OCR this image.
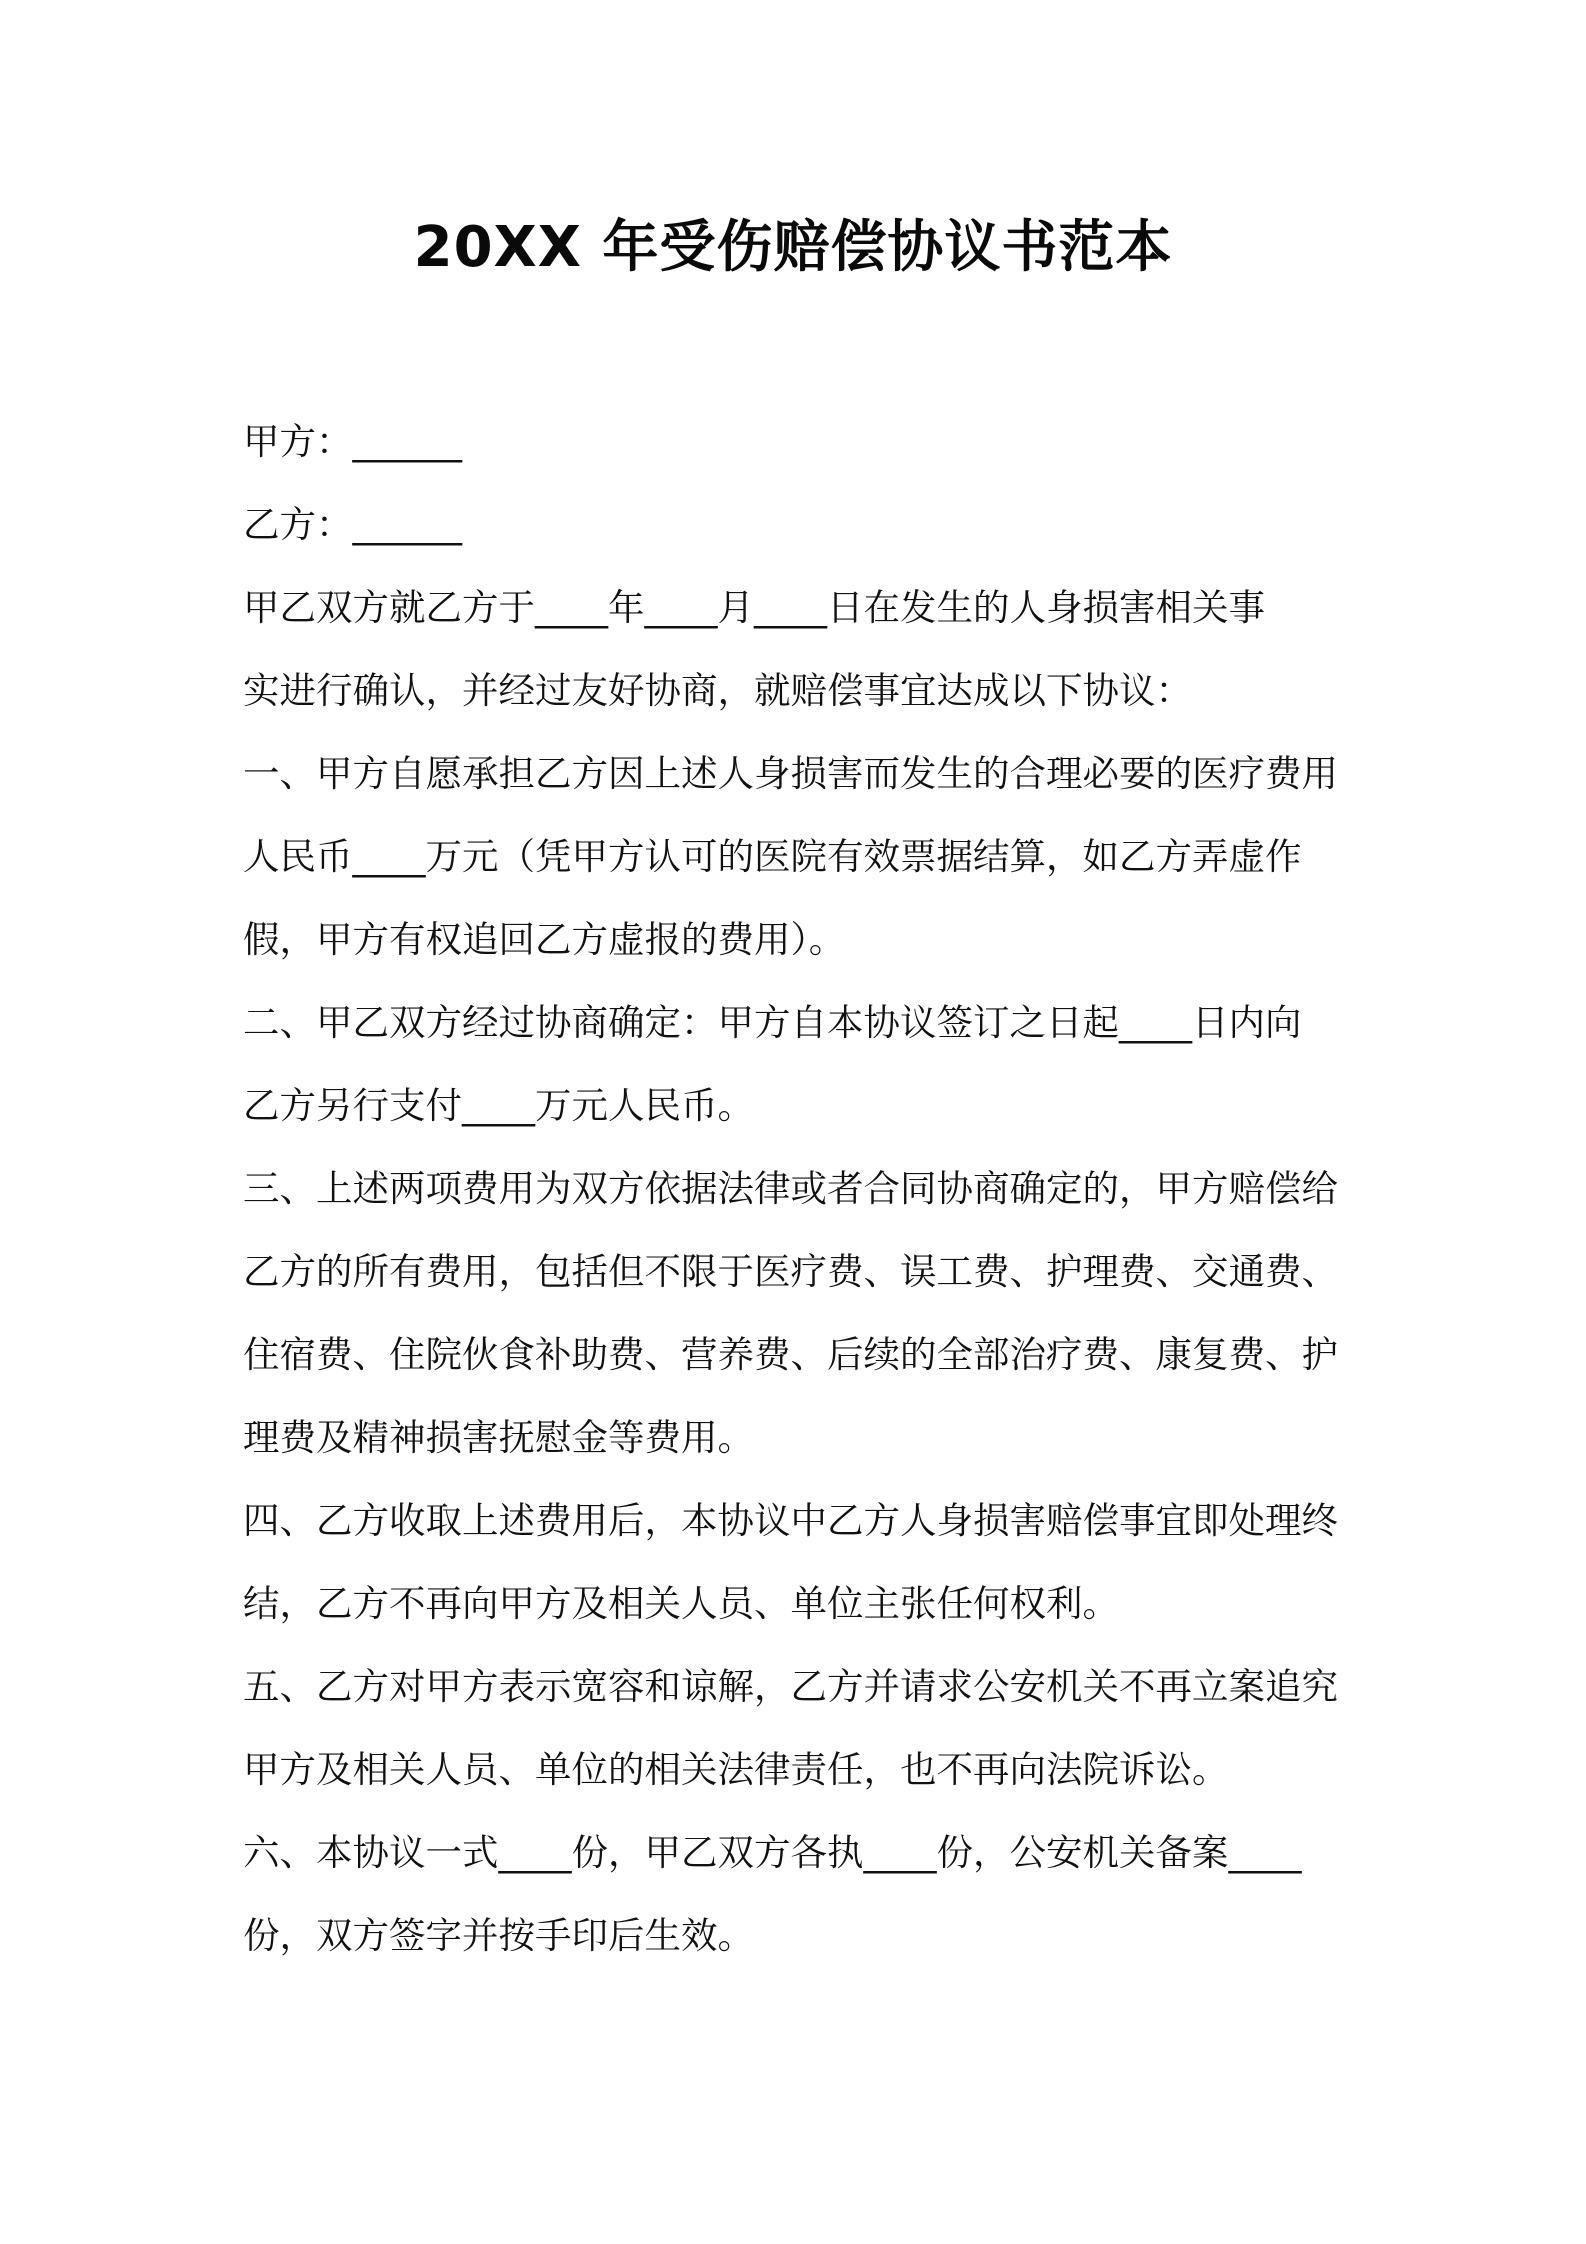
20XX 年受伤赔偿协议书范本
甲方：______
乙方：______
甲乙双方就乙方于____年____月____日在发生的人身损害相关事
实进行确认，并经过友好协商，就赔偿事宜达成以下协议：
一、甲方自愿承担乙方因上述人身损害而发生的合理必要的医疗费用
人民币____万元（凭甲方认可的医院有效票据结算，如乙方弄虚作
假，甲方有权追回乙方虚报的费用）。
二、甲乙双方经过协商确定：甲方自本协议签订之日起____日内向
乙方另行支付____万元人民币。
三、上述两项费用为双方依据法律或者合同协商确定的，甲方赔偿给
乙方的所有费用，包括但不限于医疗费、误工费、护理费、交通费、
住宿费、住院伙食补助费、营养费、后续的全部治疗费、康复费、护
理费及精神损害抚慰金等费用。
四、乙方收取上述费用后，本协议中乙方人身损害赔偿事宜即处理终
结，乙方不再向甲方及相关人员、单位主张任何权利。
五、乙方对甲方表示宽容和谅解，乙方并请求公安机关不再立案追究
甲方及相关人员、单位的相关法律责任，也不再向法院诉讼。
六、本协议一式____份，甲乙双方各执____份，公安机关备案____
份，双方签字并按手印后生效。
